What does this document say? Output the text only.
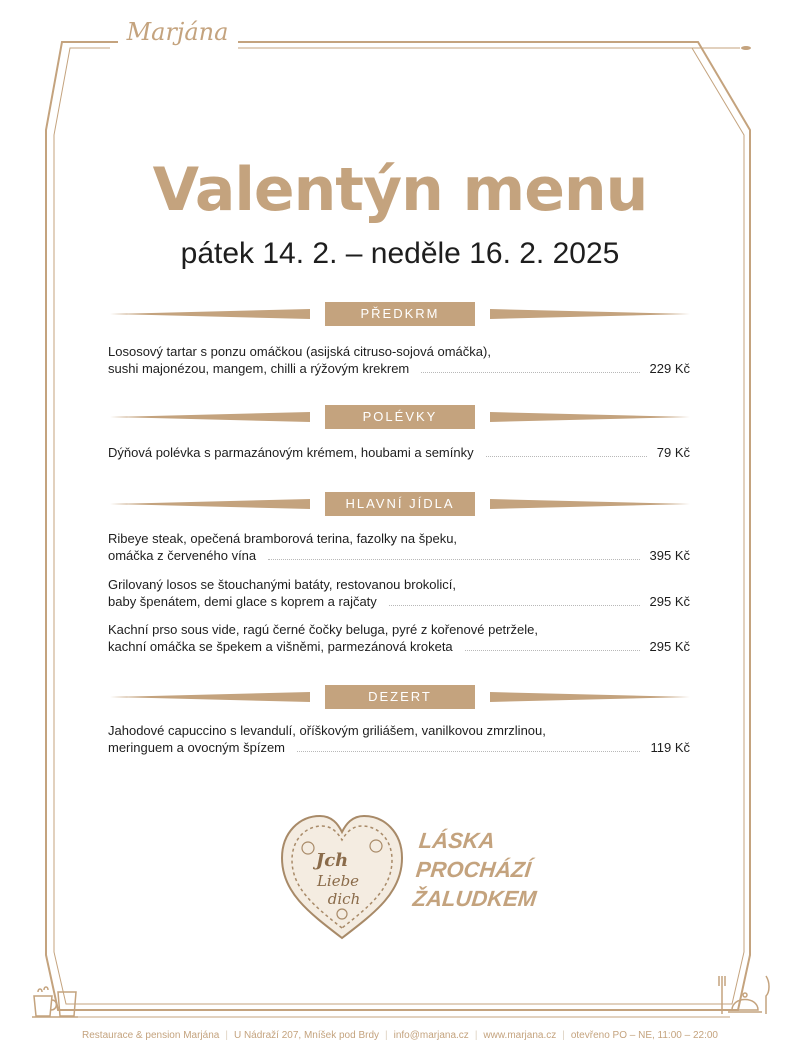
Marjána
Valentýn menu
pátek 14. 2. – neděle 16. 2. 2025
PŘEDKRM
Lososový tartar s ponzu omáčkou (asijská citruso-sojová omáčka),
sushi majonézou, mangem, chilli a rýžovým krekrem	229 Kč
POLÉVKY
Dýňová polévka s parmazánovým krémem, houbami a semínky	79 Kč
HLAVNÍ JÍDLA
Ribeye steak, opečená bramborová terina, fazolky na špeku,
omáčka z červeného vína	395 Kč
Grilovaný losos se štouchanými batáty, restovanou brokolicí,
baby špenátem, demi glace s koprem a rajčaty	295 Kč
Kachní prso sous vide, ragú černé čočky beluga, pyré z kořenové petržele,
kachní omáčka se špekem a višněmi, parmezánová kroketa	295 Kč
DEZERT
Jahodové capuccino s levandulí, oříškovým griliášem, vanilkovou zmrzlinou,
meringuem a ovocným špízem	119 Kč
Jch
Liebe
dich
LÁSKA
PROCHÁZÍ
ŽALUDKEM
Restaurace & pension Marjána | U Nádraží 207, Mníšek pod Brdy | info@marjana.cz | www.marjana.cz | otevřeno PO – NE, 11:00 – 22:00
